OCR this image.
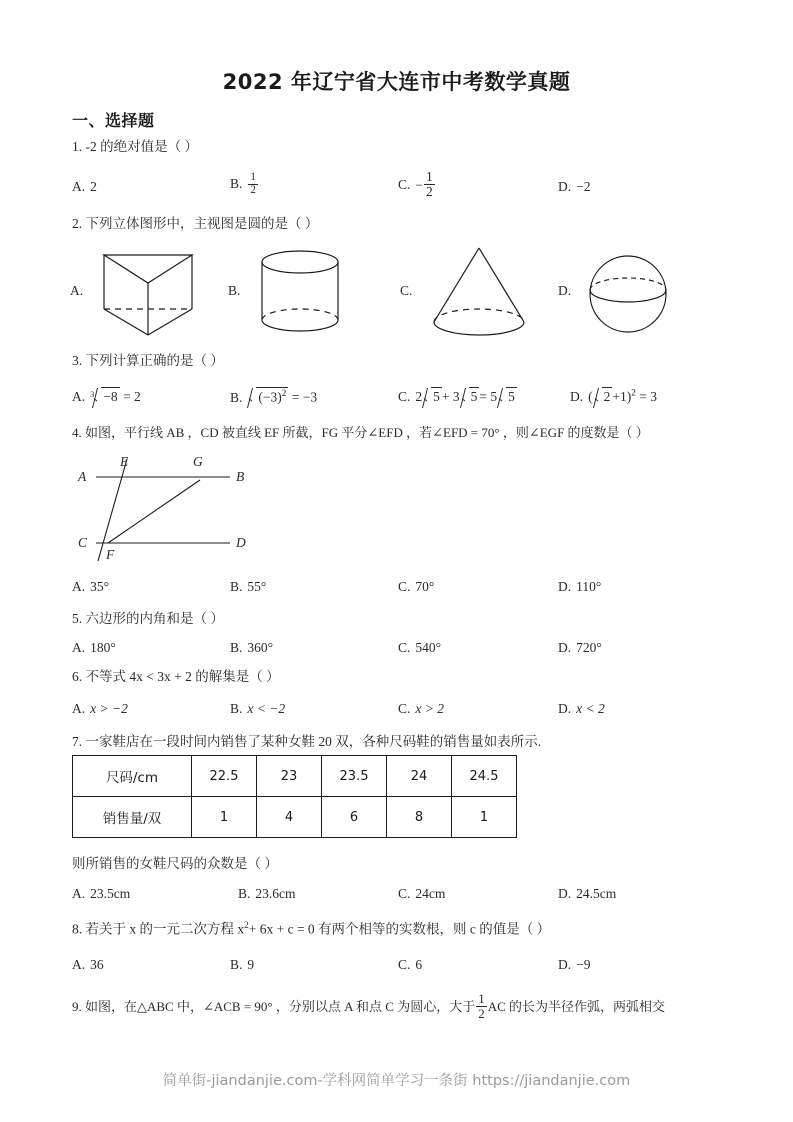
2022 年辽宁省大连市中考数学真题
一、选择题
1. -2 的绝对值是（ ）
A. 2	B. $\frac{1}{2}$	C. − $\frac{1}{2}$	D. −2
2. 下列立体图形中，主视图是圆的是（ ）
A.	B.	C.	D.
3. 下列计算正确的是（ ）
A. $^3$ −8 = 2	B. $(-3)^2 = -3$	C. 2 5 + 3 5 = 5 5	D. ( 2 +1)$^2$ = 3
4. 如图，平行线 AB ，CD 被直线 EF 所截，FG 平分∠EFD ，若∠EFD = 70° ，则∠EGF 的度数是（ ）
A
E	G
B
C
F
D
A. 35°	B. 55°	C. 70°	D. 110°
5. 六边形的内角和是（ ）
A. 180°	B. 360°	C. 540°	D. 720°
6. 不等式 4x < 3x + 2 的解集是（ ）
A. x > −2	B. x < −2	C. x > 2	D. x < 2
7. 一家鞋店在一段时间内销售了某种女鞋 20 双，各种尺码鞋的销售量如表所示.
尺码/cm	22.5	23	23.5	24	24.5
销售量/双	1	4	6	8	1
则所销售的女鞋尺码的众数是（ ）
A. 23.5cm	B. 23.6cm	C. 24cm	D. 24.5cm
8. 若关于 x 的一元二次方程 $x^2+ 6x + c = 0$ 有两个相等的实数根，则 c 的值是（ ）
A. 36	B. 9	C. 6	D. −9
9. 如图，在△ABC 中，∠ACB = 90° ，分别以点 A 和点 C 为圆心，大于 $\frac{1}{2}$ AC 的长为半径作弧，两弧相交
简单街-jiandanjie.com-学科网简单学习一条街 https://jiandanjie.com
